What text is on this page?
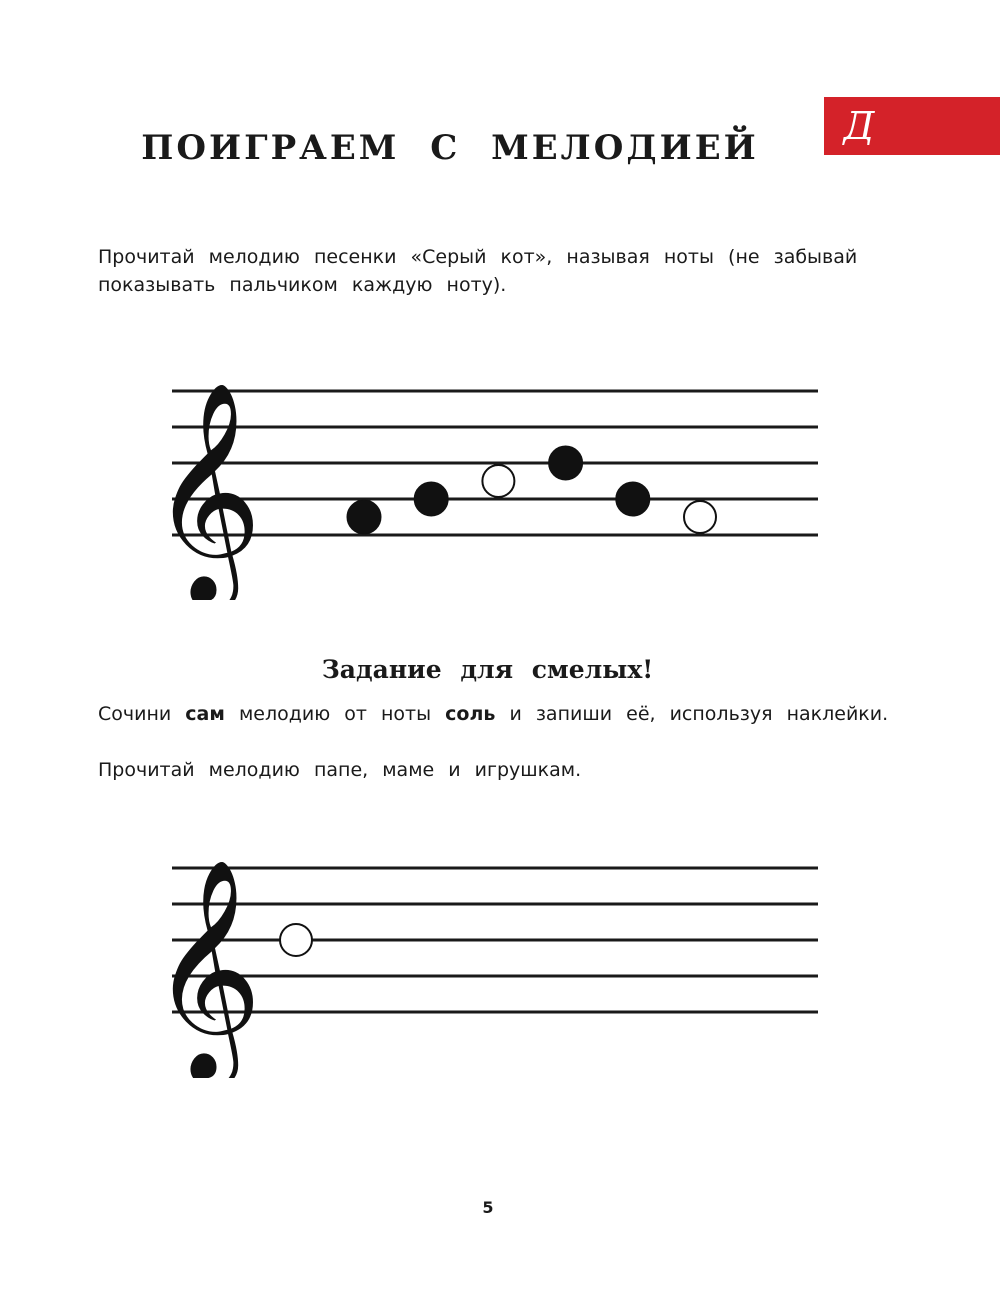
Д
ПОИГРАЕМ С МЕЛОДИЕЙ
Прочитай мелодию песенки «Серый кот», называя ноты (не забывай показывать пальчиком каждую ноту).
𝄞
Задание для смелых!
Сочини сам мелодию от ноты соль и запиши её, используя наклейки.
Прочитай мелодию папе, маме и игрушкам.
𝄞
5
